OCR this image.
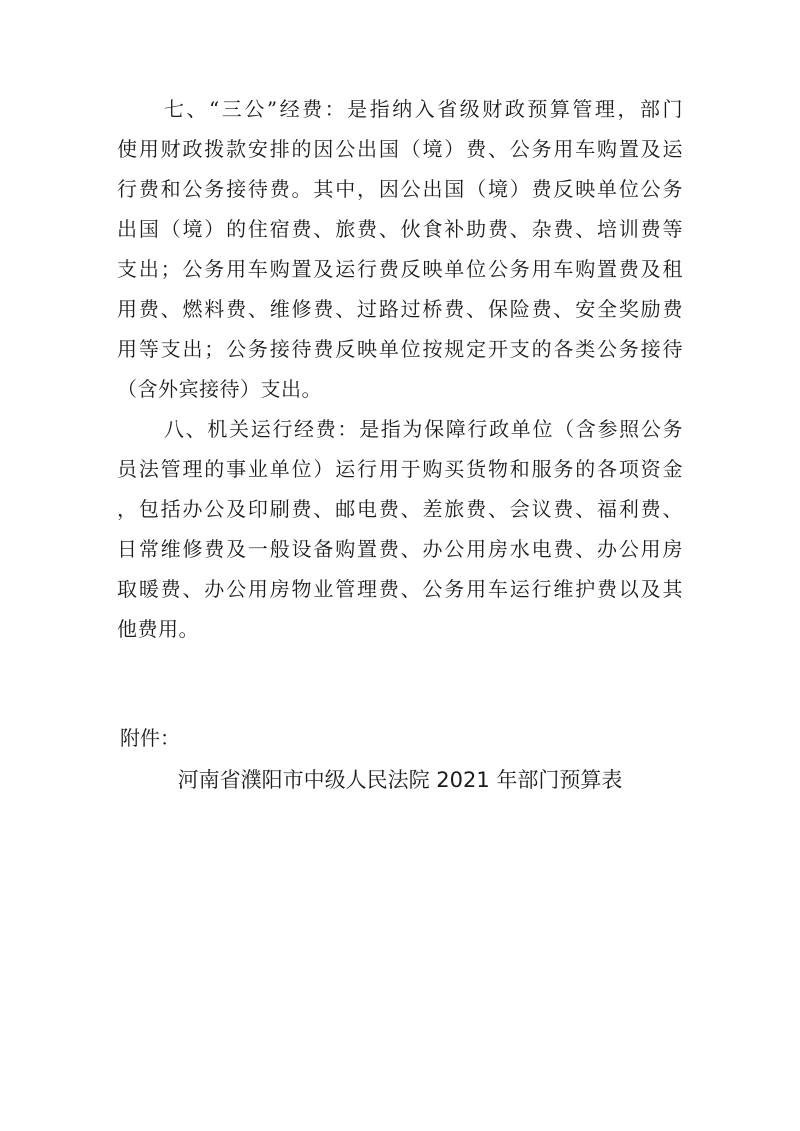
七、“三公”经费：是指纳入省级财政预算管理，部门
使用财政拨款安排的因公出国（境）费、公务用车购置及运
行费和公务接待费。其中，因公出国（境）费反映单位公务
出国（境）的住宿费、旅费、伙食补助费、杂费、培训费等
支出；公务用车购置及运行费反映单位公务用车购置费及租
用费、燃料费、维修费、过路过桥费、保险费、安全奖励费
用等支出；公务接待费反映单位按规定开支的各类公务接待
（含外宾接待）支出。
八、机关运行经费：是指为保障行政单位（含参照公务
员法管理的事业单位）运行用于购买货物和服务的各项资金
，包括办公及印刷费、邮电费、差旅费、会议费、福利费、
日常维修费及一般设备购置费、办公用房水电费、办公用房
取暖费、办公用房物业管理费、公务用车运行维护费以及其
他费用。
附件：
河南省濮阳市中级人民法院 2021 年部门预算表
